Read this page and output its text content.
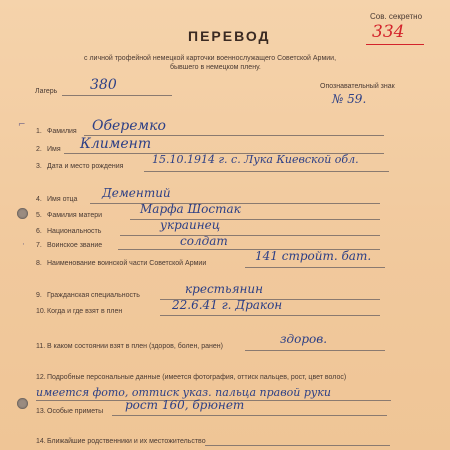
Сов. секретно
334
ПЕРЕВОД
с личной трофейной немецкой карточки военнослужащего Советской Армии,
бывшего в немецком плену.
Лагерь 380	Опознавательный знак
№ 59.
1. Фамилия Оберемко
2. Имя Климент
3. Дата и место рождения
15.10.1914 г. с. Лука Киевской обл.
4. Имя отца Дементий
5. Фамилия матери	Марфа Шостак
6. Национальность	украинец
7. Воинское звание	солдат
8. Наименование воинской части Советской Армии
141 стройт. бат.
9. Гражданская специальность	крестьянин
10. Когда и где взят в плен	22.6.41 г. Дракон
11. В каком состоянии взят в плен (здоров, болен, ранен)
здоров.
12. Подробные персональные данные (имеется фотография, оттиск пальцев, рост, цвет волос)
имеется фото, оттиск указ. пальца правой руки
13. Особые приметы рост 160, брюнет
14. Ближайшие родственники и их местожительство
⌐
·
